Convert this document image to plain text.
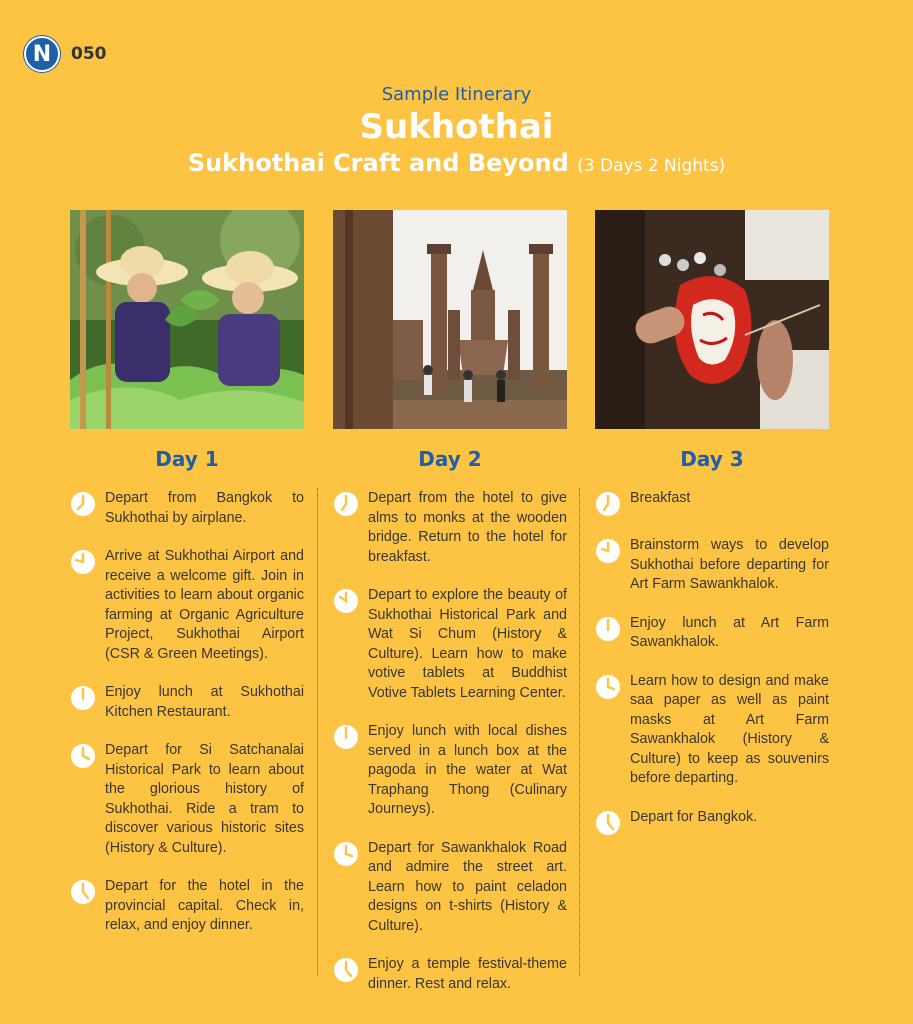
N 050
Sample Itinerary
Sukhothai
Sukhothai Craft and Beyond (3 Days 2 Nights)
Day 1
Depart from Bangkok to Sukhothai by airplane.
Arrive at Sukhothai Airport and receive a welcome gift. Join in activities to learn about organic farming at Organic Agriculture Project, Sukhothai Airport (CSR & Green Meetings).
Enjoy lunch at Sukhothai Kitchen Restaurant.
Depart for Si Satchanalai Historical Park to learn about the glorious history of Sukhothai. Ride a tram to discover various historic sites (History & Culture).
Depart for the hotel in the provincial capital. Check in, relax, and enjoy dinner.
Day 2
Depart from the hotel to give alms to monks at the wooden bridge. Return to the hotel for breakfast.
Depart to explore the beauty of Sukhothai Historical Park and Wat Si Chum (History & Culture). Learn how to make votive tablets at Buddhist Votive Tablets Learning Center.
Enjoy lunch with local dishes served in a lunch box at the pagoda in the water at Wat Traphang Thong (Culinary Journeys).
Depart for Sawankhalok Road and admire the street art. Learn how to paint celadon designs on t-shirts (History & Culture).
Enjoy a temple festival-theme dinner. Rest and relax.
Day 3
Breakfast
Brainstorm ways to develop Sukhothai before departing for Art Farm Sawankhalok.
Enjoy lunch at Art Farm Sawankhalok.
Learn how to design and make saa paper as well as paint masks at Art Farm Sawankhalok (History & Culture) to keep as souvenirs before departing.
Depart for Bangkok.
